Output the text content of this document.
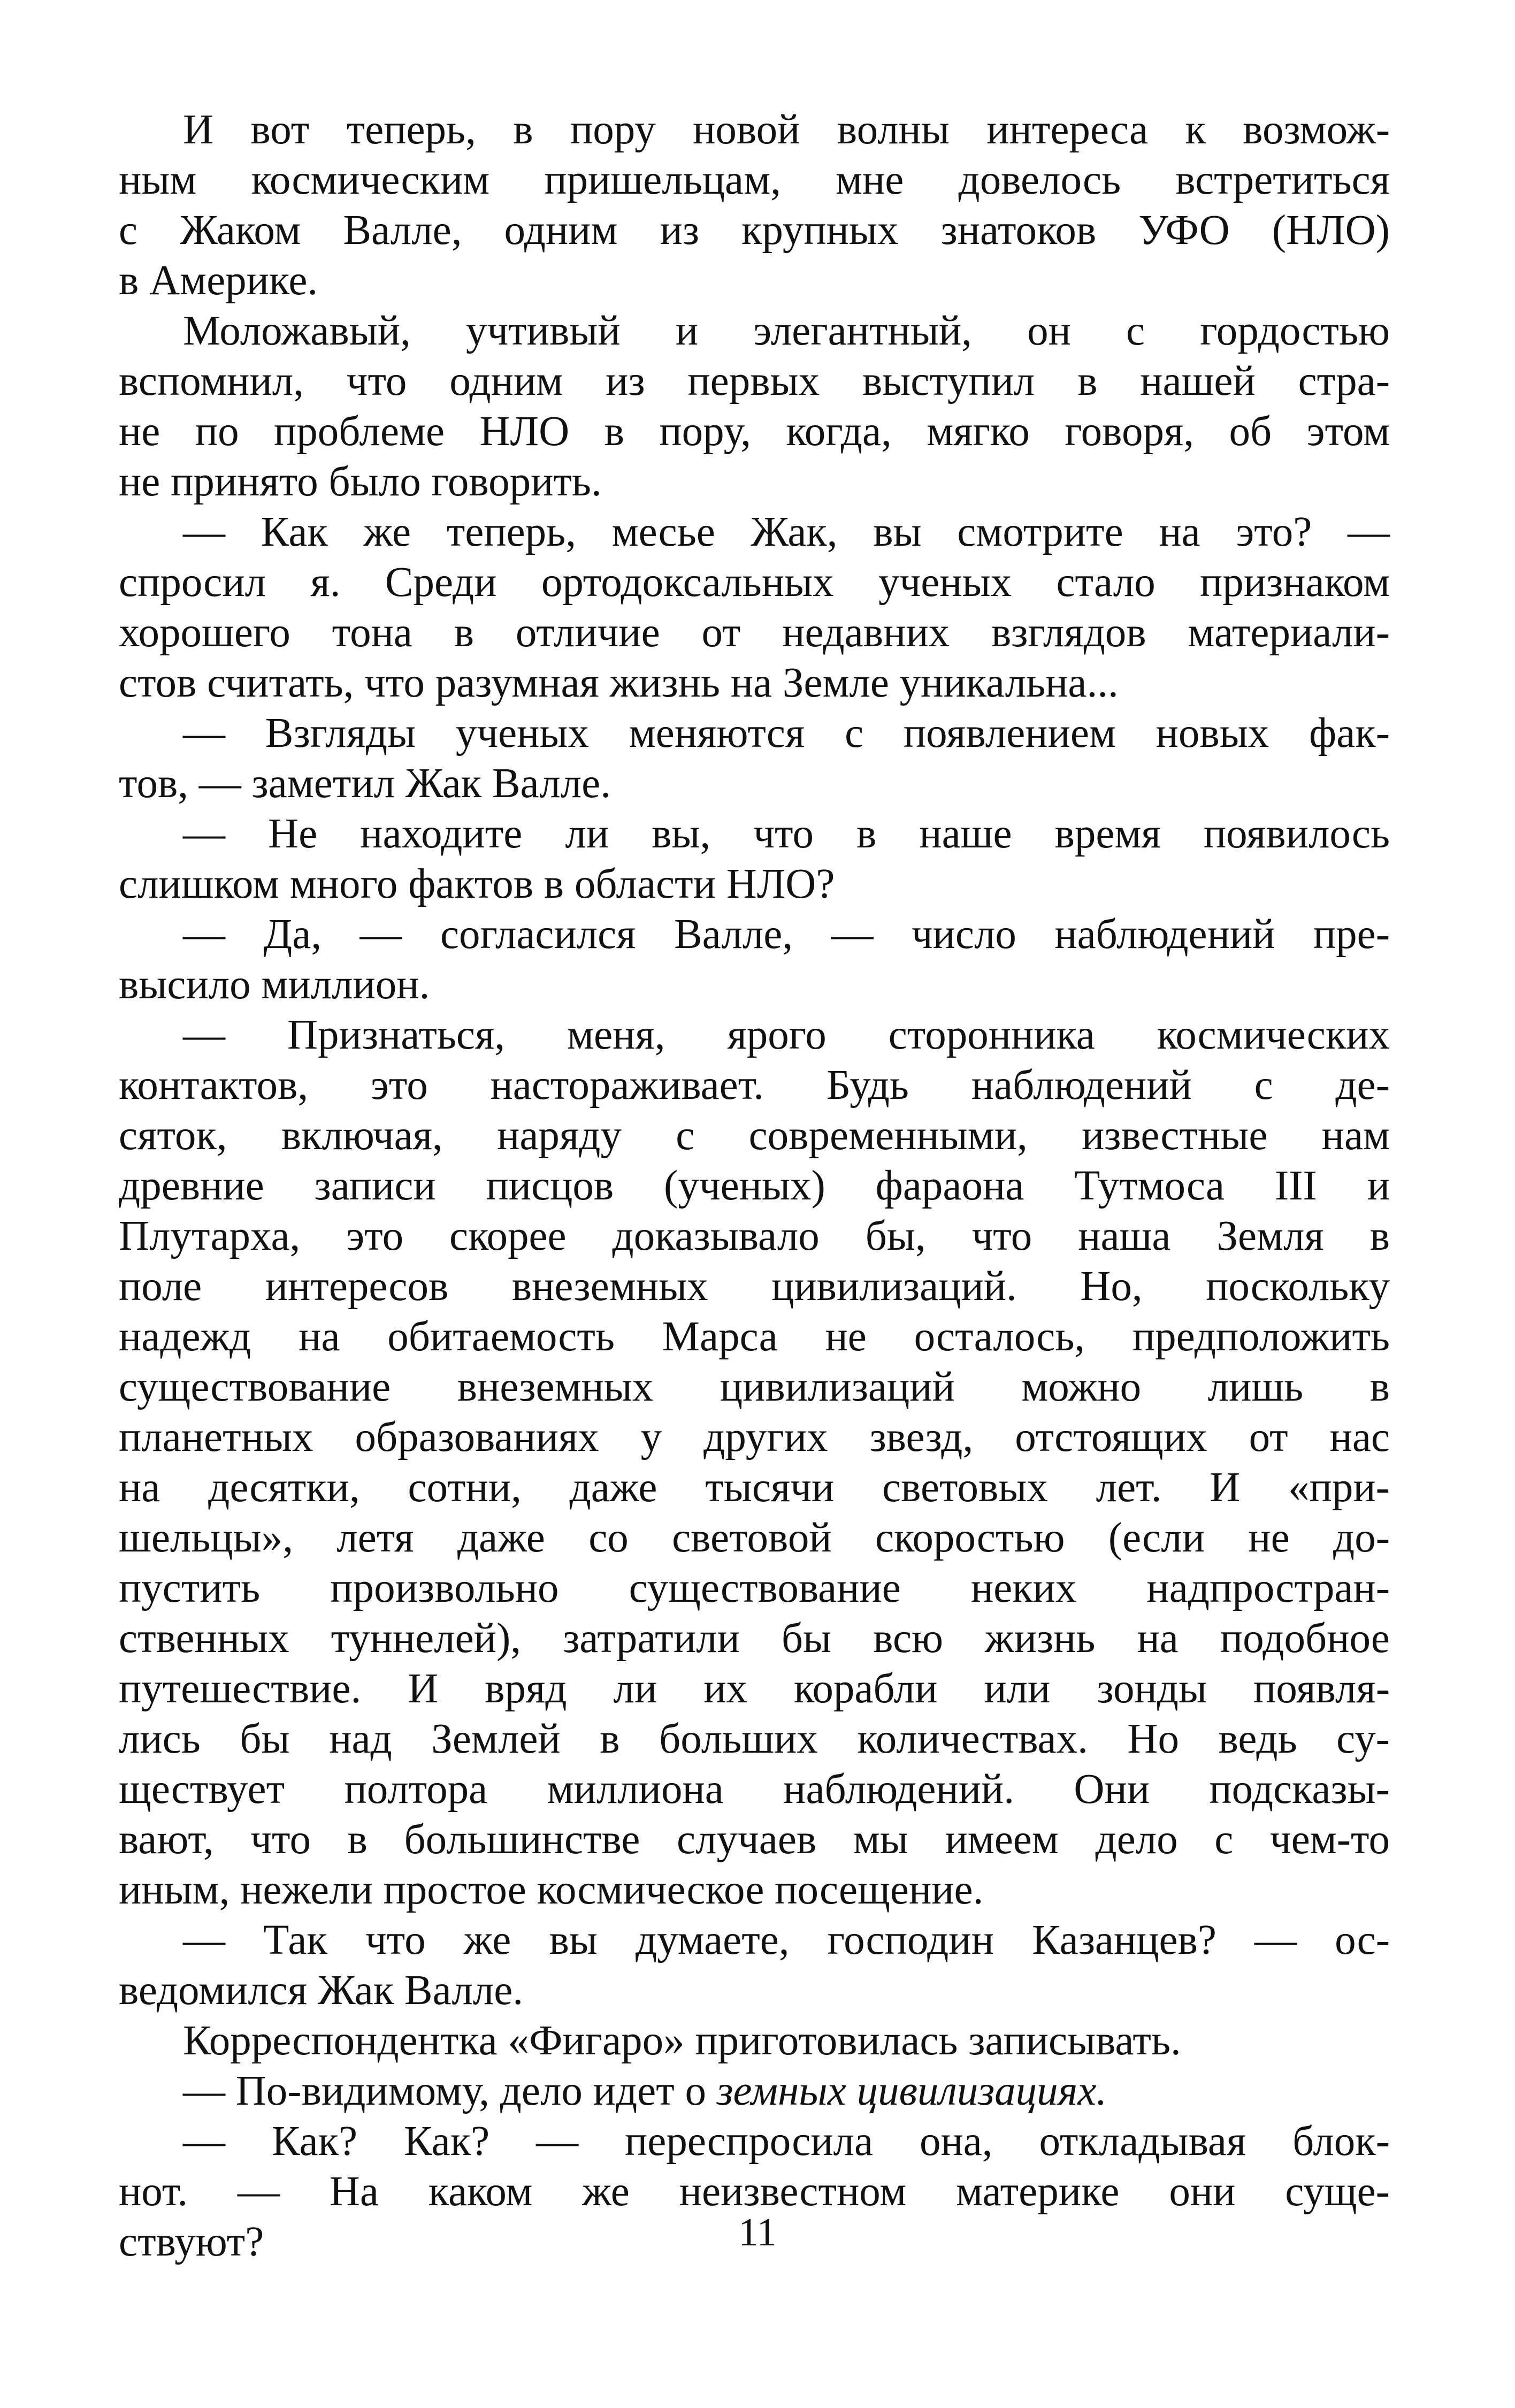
И вот теперь, в пору новой волны интереса к возмож-
ным космическим пришельцам, мне довелось встретиться
с Жаком Валле, одним из крупных знатоков УФО (НЛО)
в Америке.
Моложавый, учтивый и элегантный, он с гордостью
вспомнил, что одним из первых выступил в нашей стра-
не по проблеме НЛО в пору, когда, мягко говоря, об этом
не принято было говорить.
— Как же теперь, месье Жак, вы смотрите на это? —
спросил я. Среди ортодоксальных ученых стало признаком
хорошего тона в отличие от недавних взглядов материали-
стов считать, что разумная жизнь на Земле уникальна...
— Взгляды ученых меняются с появлением новых фак-
тов, — заметил Жак Валле.
— Не находите ли вы, что в наше время появилось
слишком много фактов в области НЛО?
— Да, — согласился Валле, — число наблюдений пре-
высило миллион.
— Признаться, меня, ярого сторонника космических
контактов, это настораживает. Будь наблюдений с де-
сяток, включая, наряду с современными, известные нам
древние записи писцов (ученых) фараона Тутмоса III и
Плутарха, это скорее доказывало бы, что наша Земля в
поле интересов внеземных цивилизаций. Но, поскольку
надежд на обитаемость Марса не осталось, предположить
существование внеземных цивилизаций можно лишь в
планетных образованиях у других звезд, отстоящих от нас
на десятки, сотни, даже тысячи световых лет. И «при-
шельцы», летя даже со световой скоростью (если не до-
пустить произвольно существование неких надпростран-
ственных туннелей), затратили бы всю жизнь на подобное
путешествие. И вряд ли их корабли или зонды появля-
лись бы над Землей в больших количествах. Но ведь су-
ществует полтора миллиона наблюдений. Они подсказы-
вают, что в большинстве случаев мы имеем дело с чем-то
иным, нежели простое космическое посещение.
— Так что же вы думаете, господин Казанцев? — ос-
ведомился Жак Валле.
Корреспондентка «Фигаро» приготовилась записывать.
— По-видимому, дело идет о земных цивилизациях.
— Как? Как? — переспросила она, откладывая блок-
нот. — На каком же неизвестном материке они суще-
ствуют?	11
